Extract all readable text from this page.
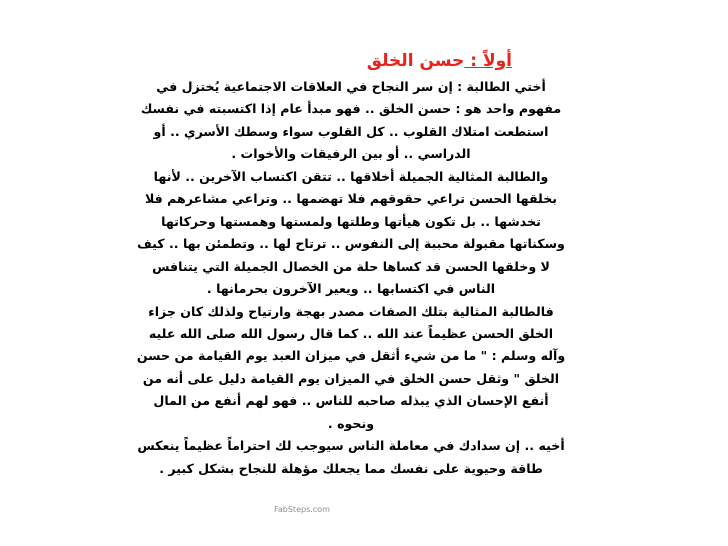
أولاً : حسن الخلق
أختي الطالبة : إن سر النجاح في العلاقات الاجتماعية يُختزل في
مفهوم واحد هو : حسن الخلق .. فهو مبدأ عام إذا اكتسبته في نفسك
استطعت امتلاك القلوب .. كل القلوب سواء وسطك الأسري .. أو
الدراسي .. أو بين الرفيقات والأخوات .
والطالبة المثالية الجميلة أخلاقها .. تتقن اكتساب الآخرين .. لأنها
بخلقها الحسن تراعي حقوقهم فلا تهضمها .. وتراعي مشاعرهم فلا
تخدشها .. بل تكون هيأتها وطلتها ولمستها وهمستها وحركاتها
وسكناتها مقبولة محببة إلى النفوس .. ترتاح لها .. وتطمئن بها .. كيف
لا وخلقها الحسن قد كساها حلة من الخصال الجميلة التي يتنافس
الناس في اكتسابها .. ويعير الآخرون بحرمانها .
فالطالبة المثالية بتلك الصفات مصدر بهجة وارتياح ولذلك كان جزاء
الخلق الحسن عظيماً عند الله .. كما قال رسول الله صلى الله عليه
وآله وسلم : " ما من شيء أثقل في ميزان العبد يوم القيامة من حسن
الخلق " وثقل حسن الخلق في الميزان يوم القيامة دليل على أنه من
أنفع الإحسان الذي يبذله صاحبه للناس .. فهو لهم أنفع من المال
ونحوه .
أخيه .. إن سدادك في معاملة الناس سيوجب لك احتراماً عظيماً ينعكس
طاقة وحيوية على نفسك مما يجعلك مؤهلة للنجاح بشكل كبير .
FabSteps.com
